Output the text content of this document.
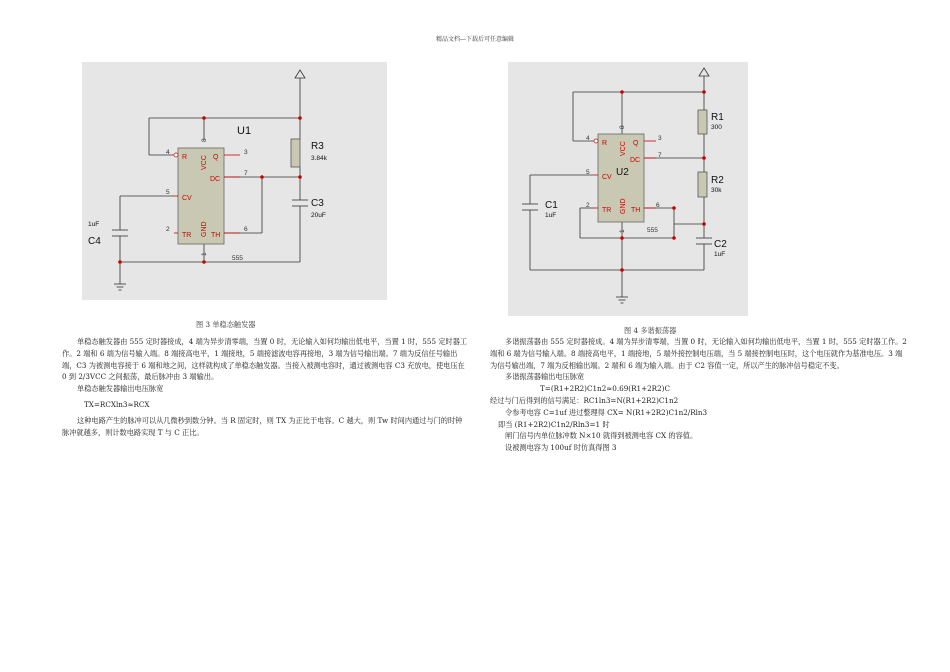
精品文档---下载后可任意编辑
R	Q
DC
CV
TR	TH
VCC
GND
4	3
8
7
5
2	6
1
555
U1
R3
3.84k
C3
20uF
1uF
C4
图 3 单稳态触发器
R	Q
DC
CV
TR	TH
VCC
GND
4	3
8
7
5
2	6
1	555
U2
R1
300
R2
30k
C2
1uF
C1
1uF
图 4 多谐振荡器

单稳态触发器由 555 定时器接成，4 端为异步清零端，当置 0 时，无论输入如何均输出低电平，当置 1 时，555 定时器工作。2 端和 6 端为信号输入端。8 端接高电平，1 端接地，5 端接滤波电容再接地，3 端为信号输出端。7 端为反信任号输出端，C3 为被测电容接于 6 端和地之间，这样就构成了单稳态触发器。当接入被测电容时，通过被测电容 C3 充放电，使电压在 0 到 2/3VCC 之间振荡，最后脉冲由 3 端输出。

单稳态触发器输出电压脉宽

TX=RCXln3≈RCX

这种电路产生的脉冲可以从几微秒到数分钟。当 R 固定时，则 TX 为正比于电容。C 越大，则 Tw 时间内通过与门的时钟脉冲就越多，则计数电路实现 T 与 C 正比。

多谐振荡器由 555 定时器接成。4 端为异步清零端，当置 0 时，无论输入如何均输出低电平，当置 1 时，555 定时器工作。2 端和 6 端为信号输入端。8 端接高电平，1 端接地，5 端外接控制电压端，当 5 端接控制电压时，这个电压就作为基准电压。3 端为信号输出端，7 端为反相输出端。2 端和 6 端为输入端。由于 C2 容值一定，所以产生的脉冲信号稳定不变。

多谐振荡器输出电压脉宽

T=(R1+2R2)C1n2≈0.69(R1+2R2)C

经过与门后得到的信号满足：RC1ln3=N(R1+2R2)C1n2

令参考电容 C=1uf 进过整理得 CX= N(R1+2R2)C1n2/Rln3

即当 (R1+2R2)C1n2/Rln3=1 时

闸门信号内单位脉冲数 N×10 就得到被测电容 CX 的容值。

设被测电容为 100uf 时仿真得图 3
